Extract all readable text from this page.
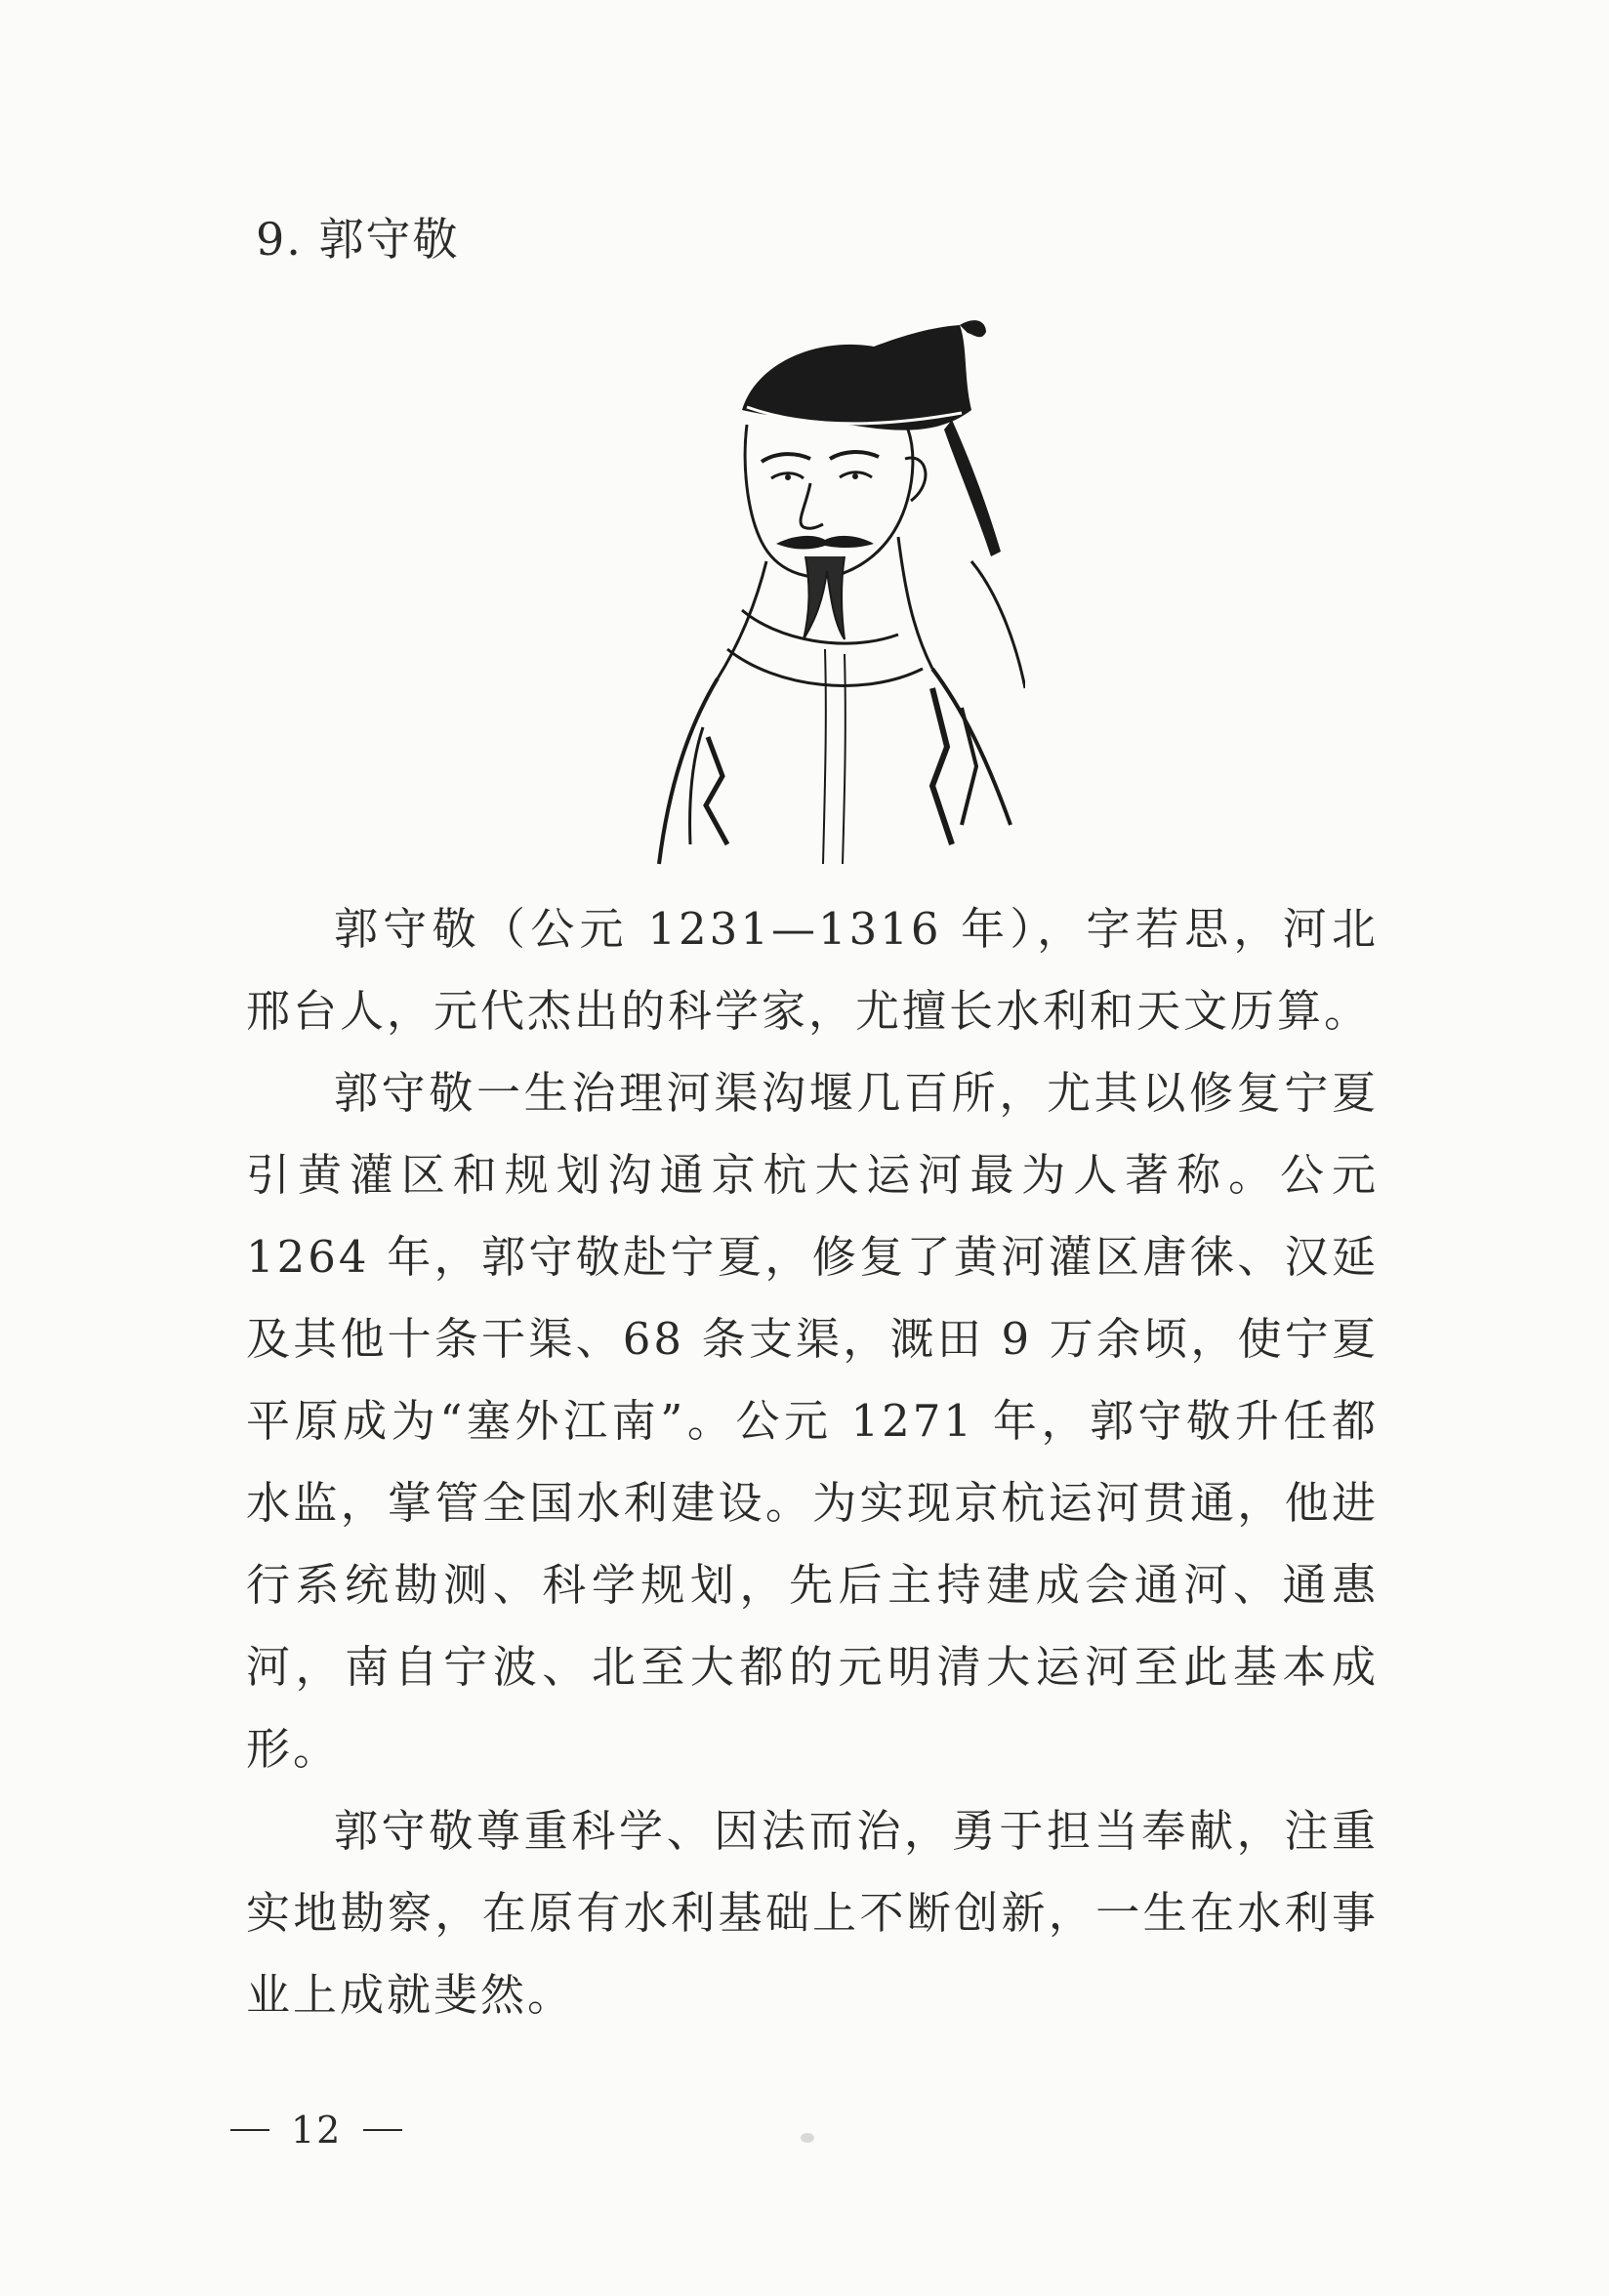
9. 郭守敬

郭守敬（公元 1231—1316 年），字若思，河北邢台人，元代杰出的科学家，尤擅长水利和天文历算。

郭守敬一生治理河渠沟堰几百所，尤其以修复宁夏引黄灌区和规划沟通京杭大运河最为人著称。公元 1264 年，郭守敬赴宁夏，修复了黄河灌区唐徕、汉延及其他十条干渠、68 条支渠，溉田 9 万余顷，使宁夏平原成为“塞外江南”。公元 1271 年，郭守敬升任都水监，掌管全国水利建设。为实现京杭运河贯通，他进行系统勘测、科学规划，先后主持建成会通河、通惠河，南自宁波、北至大都的元明清大运河至此基本成形。

郭守敬尊重科学、因法而治，勇于担当奉献，注重实地勘察，在原有水利基础上不断创新，一生在水利事业上成就斐然。

12
